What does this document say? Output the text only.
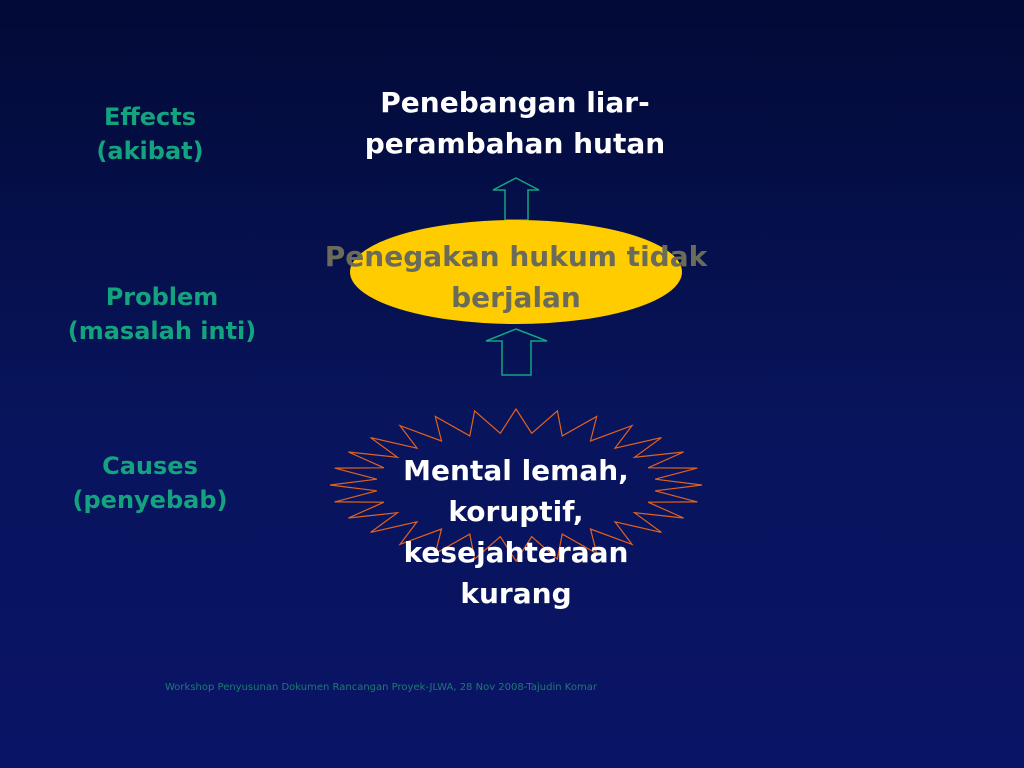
Effects
(akibat)
Problem
(masalah inti)
Causes
(penyebab)
Penebangan liar-
perambahan hutan
Penegakan hukum tidak
berjalan
Mental lemah,
koruptif,
kesejahteraan
kurang
Workshop Penyusunan Dokumen Rancangan Proyek-JLWA, 28 Nov 2008-Tajudin Komar
